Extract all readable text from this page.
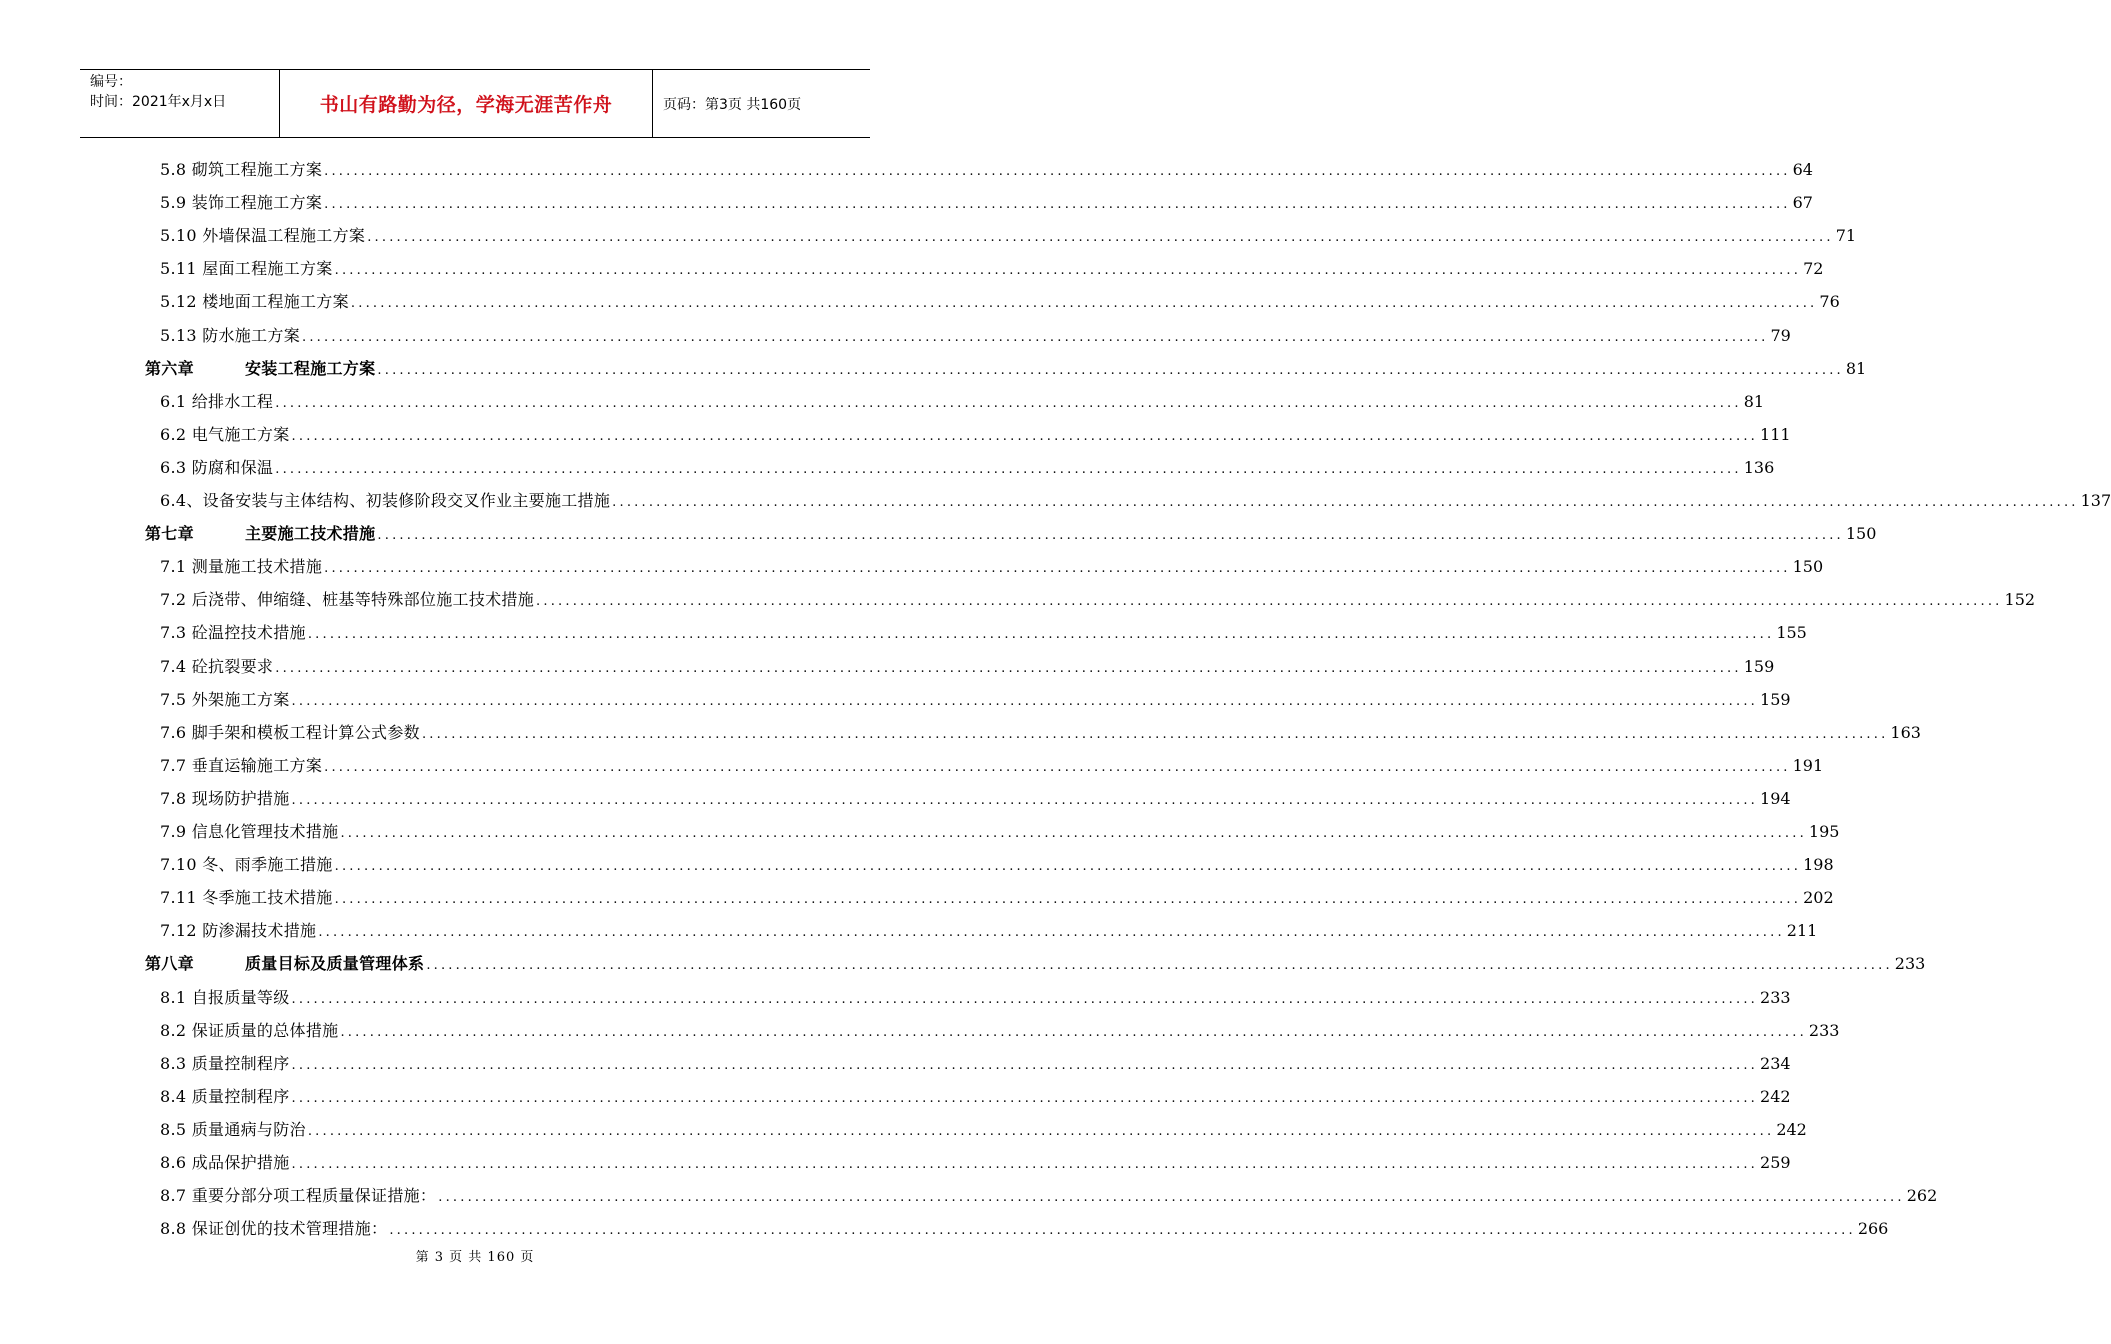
编号：
时间：2021年x月x日	书山有路勤为径，学海无涯苦作舟	页码：第3页 共160页
5.8 砌筑工程施工方案 ........................................................................................................................................................................................................ 64
5.9 装饰工程施工方案 ........................................................................................................................................................................................................ 67
5.10 外墙保温工程施工方案 ........................................................................................................................................................................................................ 71
5.11 屋面工程施工方案 ........................................................................................................................................................................................................ 72
5.12 楼地面工程施工方案 ........................................................................................................................................................................................................ 76
5.13 防水施工方案 ........................................................................................................................................................................................................ 79
第六章	安装工程施工方案 ........................................................................................................................................................................................................ 81
6.1 给排水工程 ........................................................................................................................................................................................................ 81
6.2 电气施工方案 ........................................................................................................................................................................................................ 111
6.3 防腐和保温 ........................................................................................................................................................................................................ 136
6.4、设备安装与主体结构、初装修阶段交叉作业主要施工措施 ........................................................................................................................................................................................................ 137
第七章	主要施工技术措施 ........................................................................................................................................................................................................ 150
7.1 测量施工技术措施 ........................................................................................................................................................................................................ 150
7.2 后浇带、伸缩缝、桩基等特殊部位施工技术措施 ........................................................................................................................................................................................................ 152
7.3 砼温控技术措施 ........................................................................................................................................................................................................ 155
7.4 砼抗裂要求 ........................................................................................................................................................................................................ 159
7.5 外架施工方案 ........................................................................................................................................................................................................ 159
7.6 脚手架和模板工程计算公式参数 ........................................................................................................................................................................................................ 163
7.7 垂直运输施工方案 ........................................................................................................................................................................................................ 191
7.8 现场防护措施 ........................................................................................................................................................................................................ 194
7.9 信息化管理技术措施 ........................................................................................................................................................................................................ 195
7.10 冬、雨季施工措施 ........................................................................................................................................................................................................ 198
7.11 冬季施工技术措施 ........................................................................................................................................................................................................ 202
7.12 防渗漏技术措施 ........................................................................................................................................................................................................ 211
第八章	质量目标及质量管理体系 ........................................................................................................................................................................................................ 233
8.1 自报质量等级 ........................................................................................................................................................................................................ 233
8.2 保证质量的总体措施 ........................................................................................................................................................................................................ 233
8.3 质量控制程序 ........................................................................................................................................................................................................ 234
8.4 质量控制程序 ........................................................................................................................................................................................................ 242
8.5 质量通病与防治 ........................................................................................................................................................................................................ 242
8.6 成品保护措施 ........................................................................................................................................................................................................ 259
8.7 重要分部分项工程质量保证措施： ........................................................................................................................................................................................................ 262
8.8 保证创优的技术管理措施： ........................................................................................................................................................................................................ 266
第 3 页 共 160 页
